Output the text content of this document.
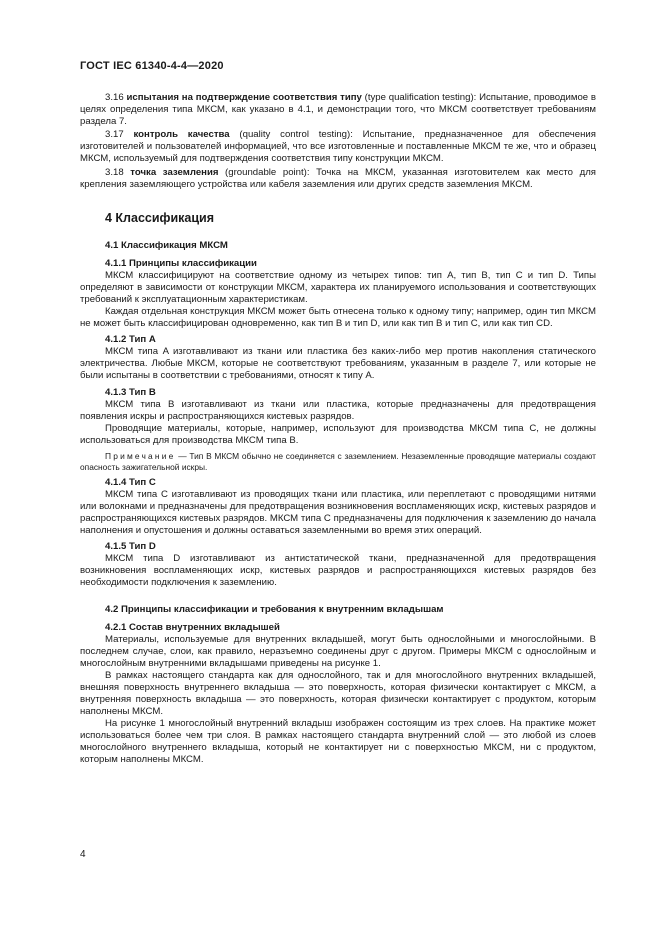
ГОСТ IEC 61340-4-4—2020

3.16 испытания на подтверждение соответствия типу (type qualification testing): Испытание, проводимое в целях определения типа МКСМ, как указано в 4.1, и демонстрации того, что МКСМ соответствует требованиям раздела 7.

3.17 контроль качества (quality control testing): Испытание, предназначенное для обеспечения изготовителей и пользователей информацией, что все изготовленные и поставленные МКСМ те же, что и образец МКСМ, используемый для подтверждения соответствия типу конструкции МКСМ.

3.18 точка заземления (groundable point): Точка на МКСМ, указанная изготовителем как место для крепления заземляющего устройства или кабеля заземления или других средств заземления МКСМ.

4 Классификация
4.1 Классификация МКСМ
4.1.1 Принципы классификации

МКСМ классифицируют на соответствие одному из четырех типов: тип A, тип B, тип C и тип D. Типы определяют в зависимости от конструкции МКСМ, характера их планируемого использования и соответствующих требований к эксплуатационным характеристикам.

Каждая отдельная конструкция МКСМ может быть отнесена только к одному типу; например, один тип МКСМ не может быть классифицирован одновременно, как тип B и тип D, или как тип B и тип C, или как тип CD.

4.1.2 Тип A

МКСМ типа A изготавливают из ткани или пластика без каких-либо мер против накопления статического электричества. Любые МКСМ, которые не соответствуют требованиям, указанным в разделе 7, или которые не были испытаны в соответствии с требованиями, относят к типу A.

4.1.3 Тип B

МКСМ типа B изготавливают из ткани или пластика, которые предназначены для предотвращения появления искры и распространяющихся кистевых разрядов.

Проводящие материалы, которые, например, используют для производства МКСМ типа C, не должны использоваться для производства МКСМ типа B.

Примечание — Тип B МКСМ обычно не соединяется с заземлением. Незаземленные проводящие материалы создают опасность зажигательной искры.

4.1.4 Тип C

МКСМ типа C изготавливают из проводящих ткани или пластика, или переплетают с проводящими нитями или волокнами и предназначены для предотвращения возникновения воспламеняющих искр, кистевых разрядов и распространяющихся кистевых разрядов. МКСМ типа C предназначены для подключения к заземлению до начала наполнения и опустошения и должны оставаться заземленными во время этих операций.

4.1.5 Тип D

МКСМ типа D изготавливают из антистатической ткани, предназначенной для предотвращения возникновения воспламеняющих искр, кистевых разрядов и распространяющихся кистевых разрядов без необходимости подключения к заземлению.

4.2 Принципы классификации и требования к внутренним вкладышам
4.2.1 Состав внутренних вкладышей

Материалы, используемые для внутренних вкладышей, могут быть однослойными и многослойными. В последнем случае, слои, как правило, неразъемно соединены друг с другом. Примеры МКСМ с однослойным и многослойным внутренними вкладышами приведены на рисунке 1.

В рамках настоящего стандарта как для однослойного, так и для многослойного внутренних вкладышей, внешняя поверхность внутреннего вкладыша — это поверхность, которая физически контактирует с МКСМ, а внутренняя поверхность вкладыша — это поверхность, которая физически контактирует с продуктом, которым наполнены МКСМ.

На рисунке 1 многослойный внутренний вкладыш изображен состоящим из трех слоев. На практике может использоваться более чем три слоя. В рамках настоящего стандарта внутренний слой — это любой из слоев многослойного внутреннего вкладыша, который не контактирует ни с поверхностью МКСМ, ни с продуктом, которым наполнены МКСМ.

4
